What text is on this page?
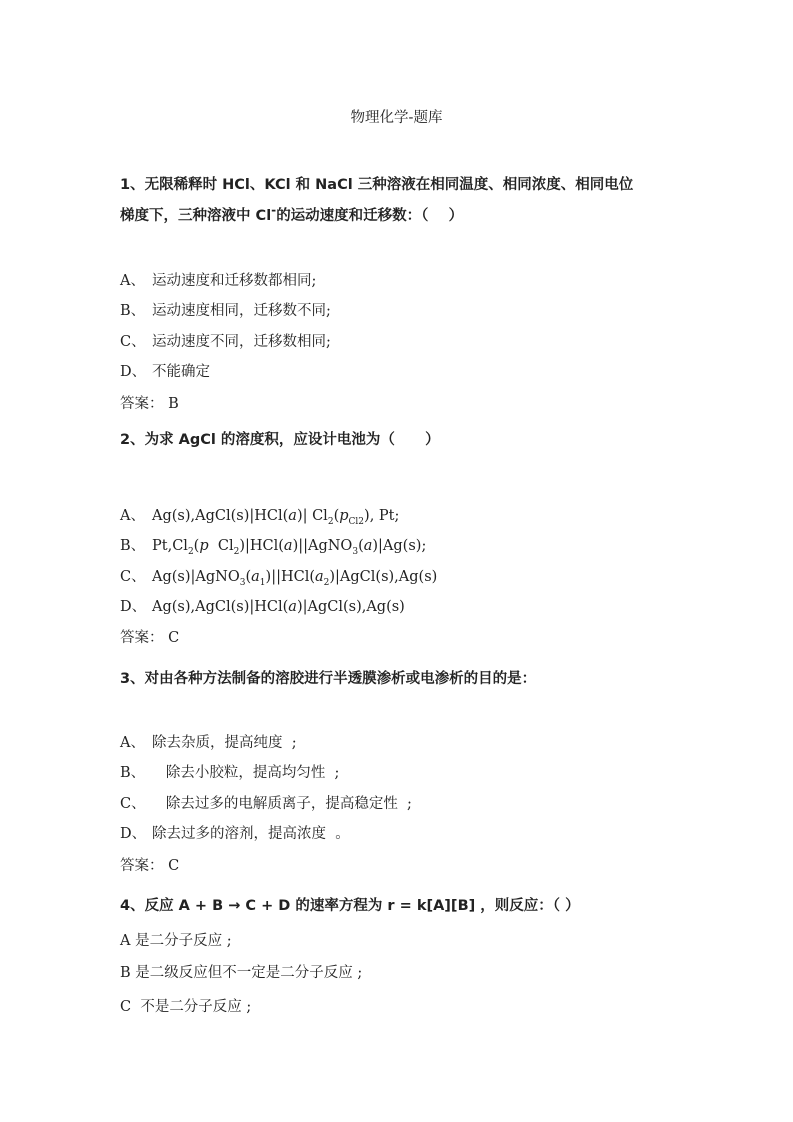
物理化学-题库
1、无限稀释时 HCl、KCl 和 NaCl 三种溶液在相同温度、相同浓度、相同电位
梯度下，三种溶液中 Cl-的运动速度和迁移数：（    ）
A、 运动速度和迁移数都相同;
B、 运动速度相同，迁移数不同;
C、 运动速度不同，迁移数相同;
D、 不能确定
答案： B
2、为求 AgCl 的溶度积，应设计电池为（      ）
A、 Ag(s),AgCl(s)|HCl(a)| $Cl_2(p_{Cl2})$, Pt;
B、 $Pt,Cl_2(p$  $Cl_2)|HCl(a)||AgNO_3(a)|Ag(s)$;
C、 $Ag(s)|AgNO_3(a_1)||HCl(a_2)|AgCl(s),Ag(s)$
D、 Ag(s),AgCl(s)|HCl(a)|AgCl(s),Ag(s)
答案： C
3、对由各种方法制备的溶胶进行半透膜渗析或电渗析的目的是：
A、 除去杂质，提高纯度  ;
B、   除去小胶粒，提高均匀性  ;
C、   除去过多的电解质离子，提高稳定性  ;
D、 除去过多的溶剂，提高浓度  。
答案： C
4、反应 A + B → C + D 的速率方程为 r = k[A][B] ，则反应：（ ）
A 是二分子反应 ;
B 是二级反应但不一定是二分子反应 ;
C  不是二分子反应 ;
